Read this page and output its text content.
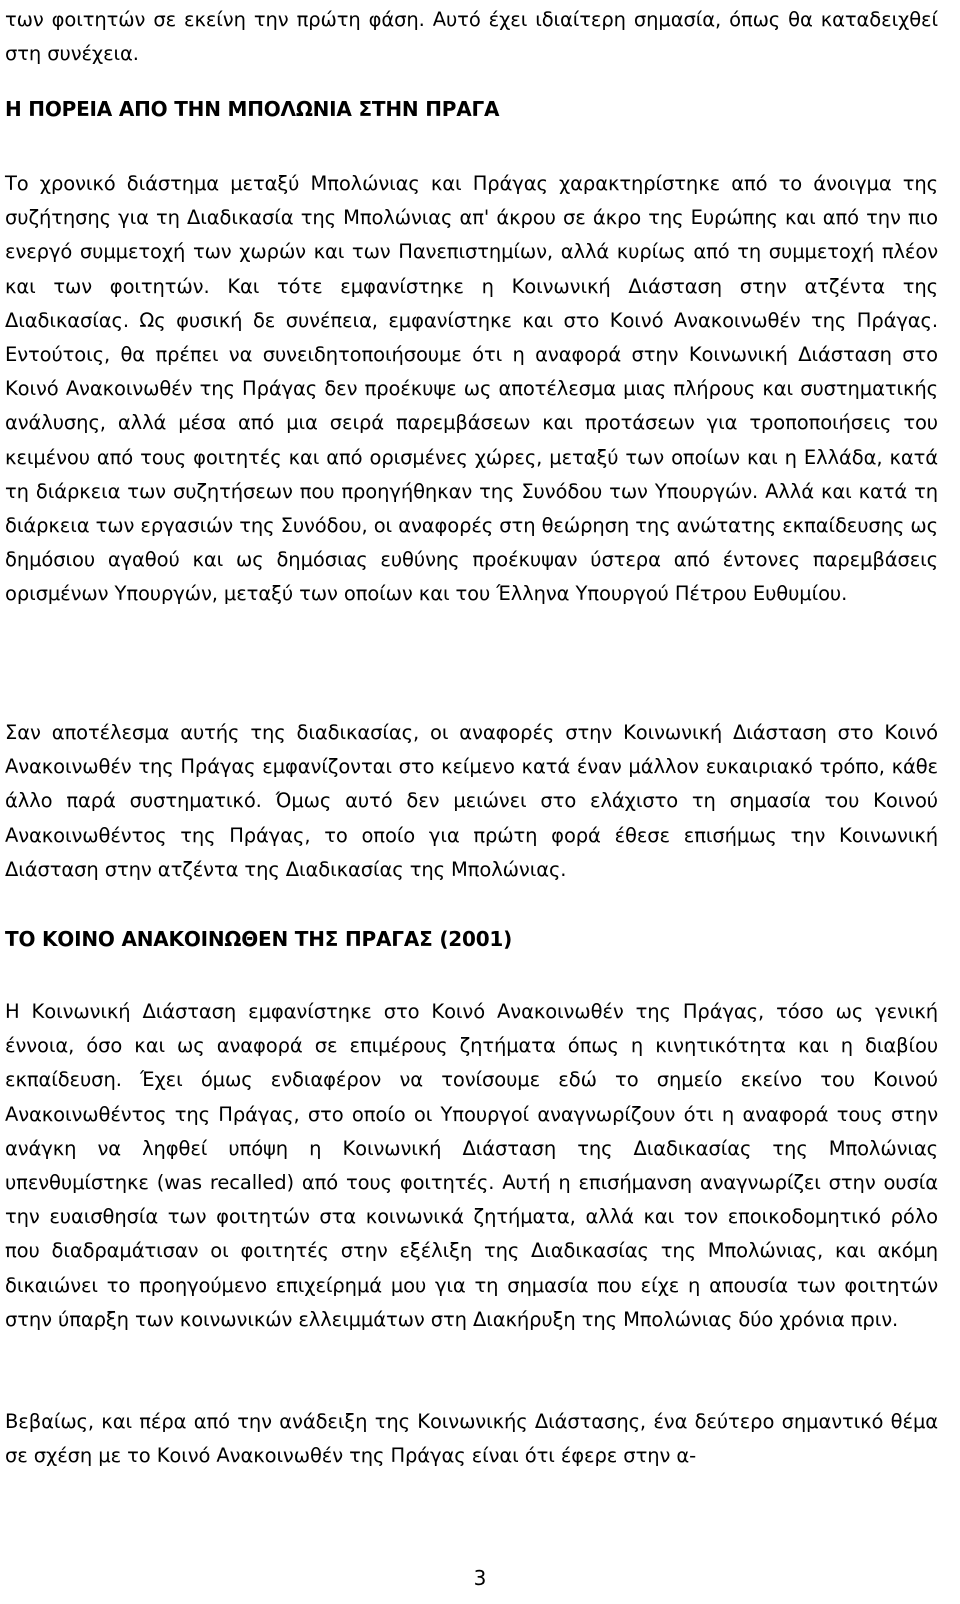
των φοιτητών σε εκείνη την πρώτη φάση. Αυτό έχει ιδιαίτερη σημασία, όπως θα καταδειχθεί στη συνέχεια.

Η ΠΟΡΕΙΑ ΑΠΟ ΤΗΝ ΜΠΟΛΩΝΙΑ ΣΤΗΝ ΠΡΑΓΑ

Το χρονικό διάστημα μεταξύ Μπολώνιας και Πράγας χαρακτηρίστηκε από το άνοιγμα της συζήτησης για τη Διαδικασία της Μπολώνιας απ' άκρου σε άκρο της Ευρώπης και από την πιο ενεργό συμμετοχή των χωρών και των Πανεπιστημίων, αλλά κυρίως από τη συμμετοχή πλέον και των φοιτητών. Και τότε εμφανίστηκε η Κοινωνική Διάσταση στην ατζέντα της Διαδικασίας. Ως φυσική δε συνέπεια, εμφανίστηκε και στο Κοινό Ανακοινωθέν της Πράγας. Εντούτοις, θα πρέπει να συνειδητοποιήσουμε ότι η αναφορά στην Κοινωνική Διάσταση στο Κοινό Ανακοινωθέν της Πράγας δεν προέκυψε ως αποτέλεσμα μιας πλήρους και συστηματικής ανάλυσης, αλλά μέσα από μια σειρά παρεμβάσεων και προτάσεων για τροποποιήσεις του κειμένου από τους φοιτητές και από ορισμένες χώρες, μεταξύ των οποίων και η Ελλάδα, κατά τη διάρκεια των συζητήσεων που προηγήθηκαν της Συνόδου των Υπουργών. Αλλά και κατά τη διάρκεια των εργασιών της Συνόδου, οι αναφορές στη θεώρηση της ανώτατης εκπαίδευσης ως δημόσιου αγαθού και ως δημόσιας ευθύνης προέκυψαν ύστερα από έντονες παρεμβάσεις ορισμένων Υπουργών, μεταξύ των οποίων και του Έλληνα Υπουργού Πέτρου Ευθυμίου.

Σαν αποτέλεσμα αυτής της διαδικασίας, οι αναφορές στην Κοινωνική Διάσταση στο Κοινό Ανακοινωθέν της Πράγας εμφανίζονται στο κείμενο κατά έναν μάλλον ευκαιριακό τρόπο, κάθε άλλο παρά συστηματικό. Όμως αυτό δεν μειώνει στο ελάχιστο τη σημασία του Κοινού Ανακοινωθέντος της Πράγας, το οποίο για πρώτη φορά έθεσε επισήμως την Κοινωνική Διάσταση στην ατζέντα της Διαδικασίας της Μπολώνιας.

ΤΟ ΚΟΙΝΟ ΑΝΑΚΟΙΝΩΘΕΝ ΤΗΣ ΠΡΑΓΑΣ (2001)

Η Κοινωνική Διάσταση εμφανίστηκε στο Κοινό Ανακοινωθέν της Πράγας, τόσο ως γενική έννοια, όσο και ως αναφορά σε επιμέρους ζητήματα όπως η κινητικότητα και η διαβίου εκπαίδευση. Έχει όμως ενδιαφέρον να τονίσουμε εδώ το σημείο εκείνο του Κοινού Ανακοινωθέντος της Πράγας, στο οποίο οι Υπουργοί αναγνωρίζουν ότι η αναφορά τους στην ανάγκη να ληφθεί υπόψη η Κοινωνική Διάσταση της Διαδικασίας της Μπολώνιας υπενθυμίστηκε (was recalled) από τους φοιτητές. Αυτή η επισήμανση αναγνωρίζει στην ουσία την ευαισθησία των φοιτητών στα κοινωνικά ζητήματα, αλλά και τον εποικοδομητικό ρόλο που διαδραμάτισαν οι φοιτητές στην εξέλιξη της Διαδικασίας της Μπολώνιας, και ακόμη δικαιώνει το προηγούμενο επιχείρημά μου για τη σημασία που είχε η απουσία των φοιτητών στην ύπαρξη των κοινωνικών ελλειμμάτων στη Διακήρυξη της Μπολώνιας δύο χρόνια πριν.

Βεβαίως, και πέρα από την ανάδειξη της Κοινωνικής Διάστασης, ένα δεύτερο σημαντικό θέμα σε σχέση με το Κοινό Ανακοινωθέν της Πράγας είναι ότι έφερε στην α-

3
